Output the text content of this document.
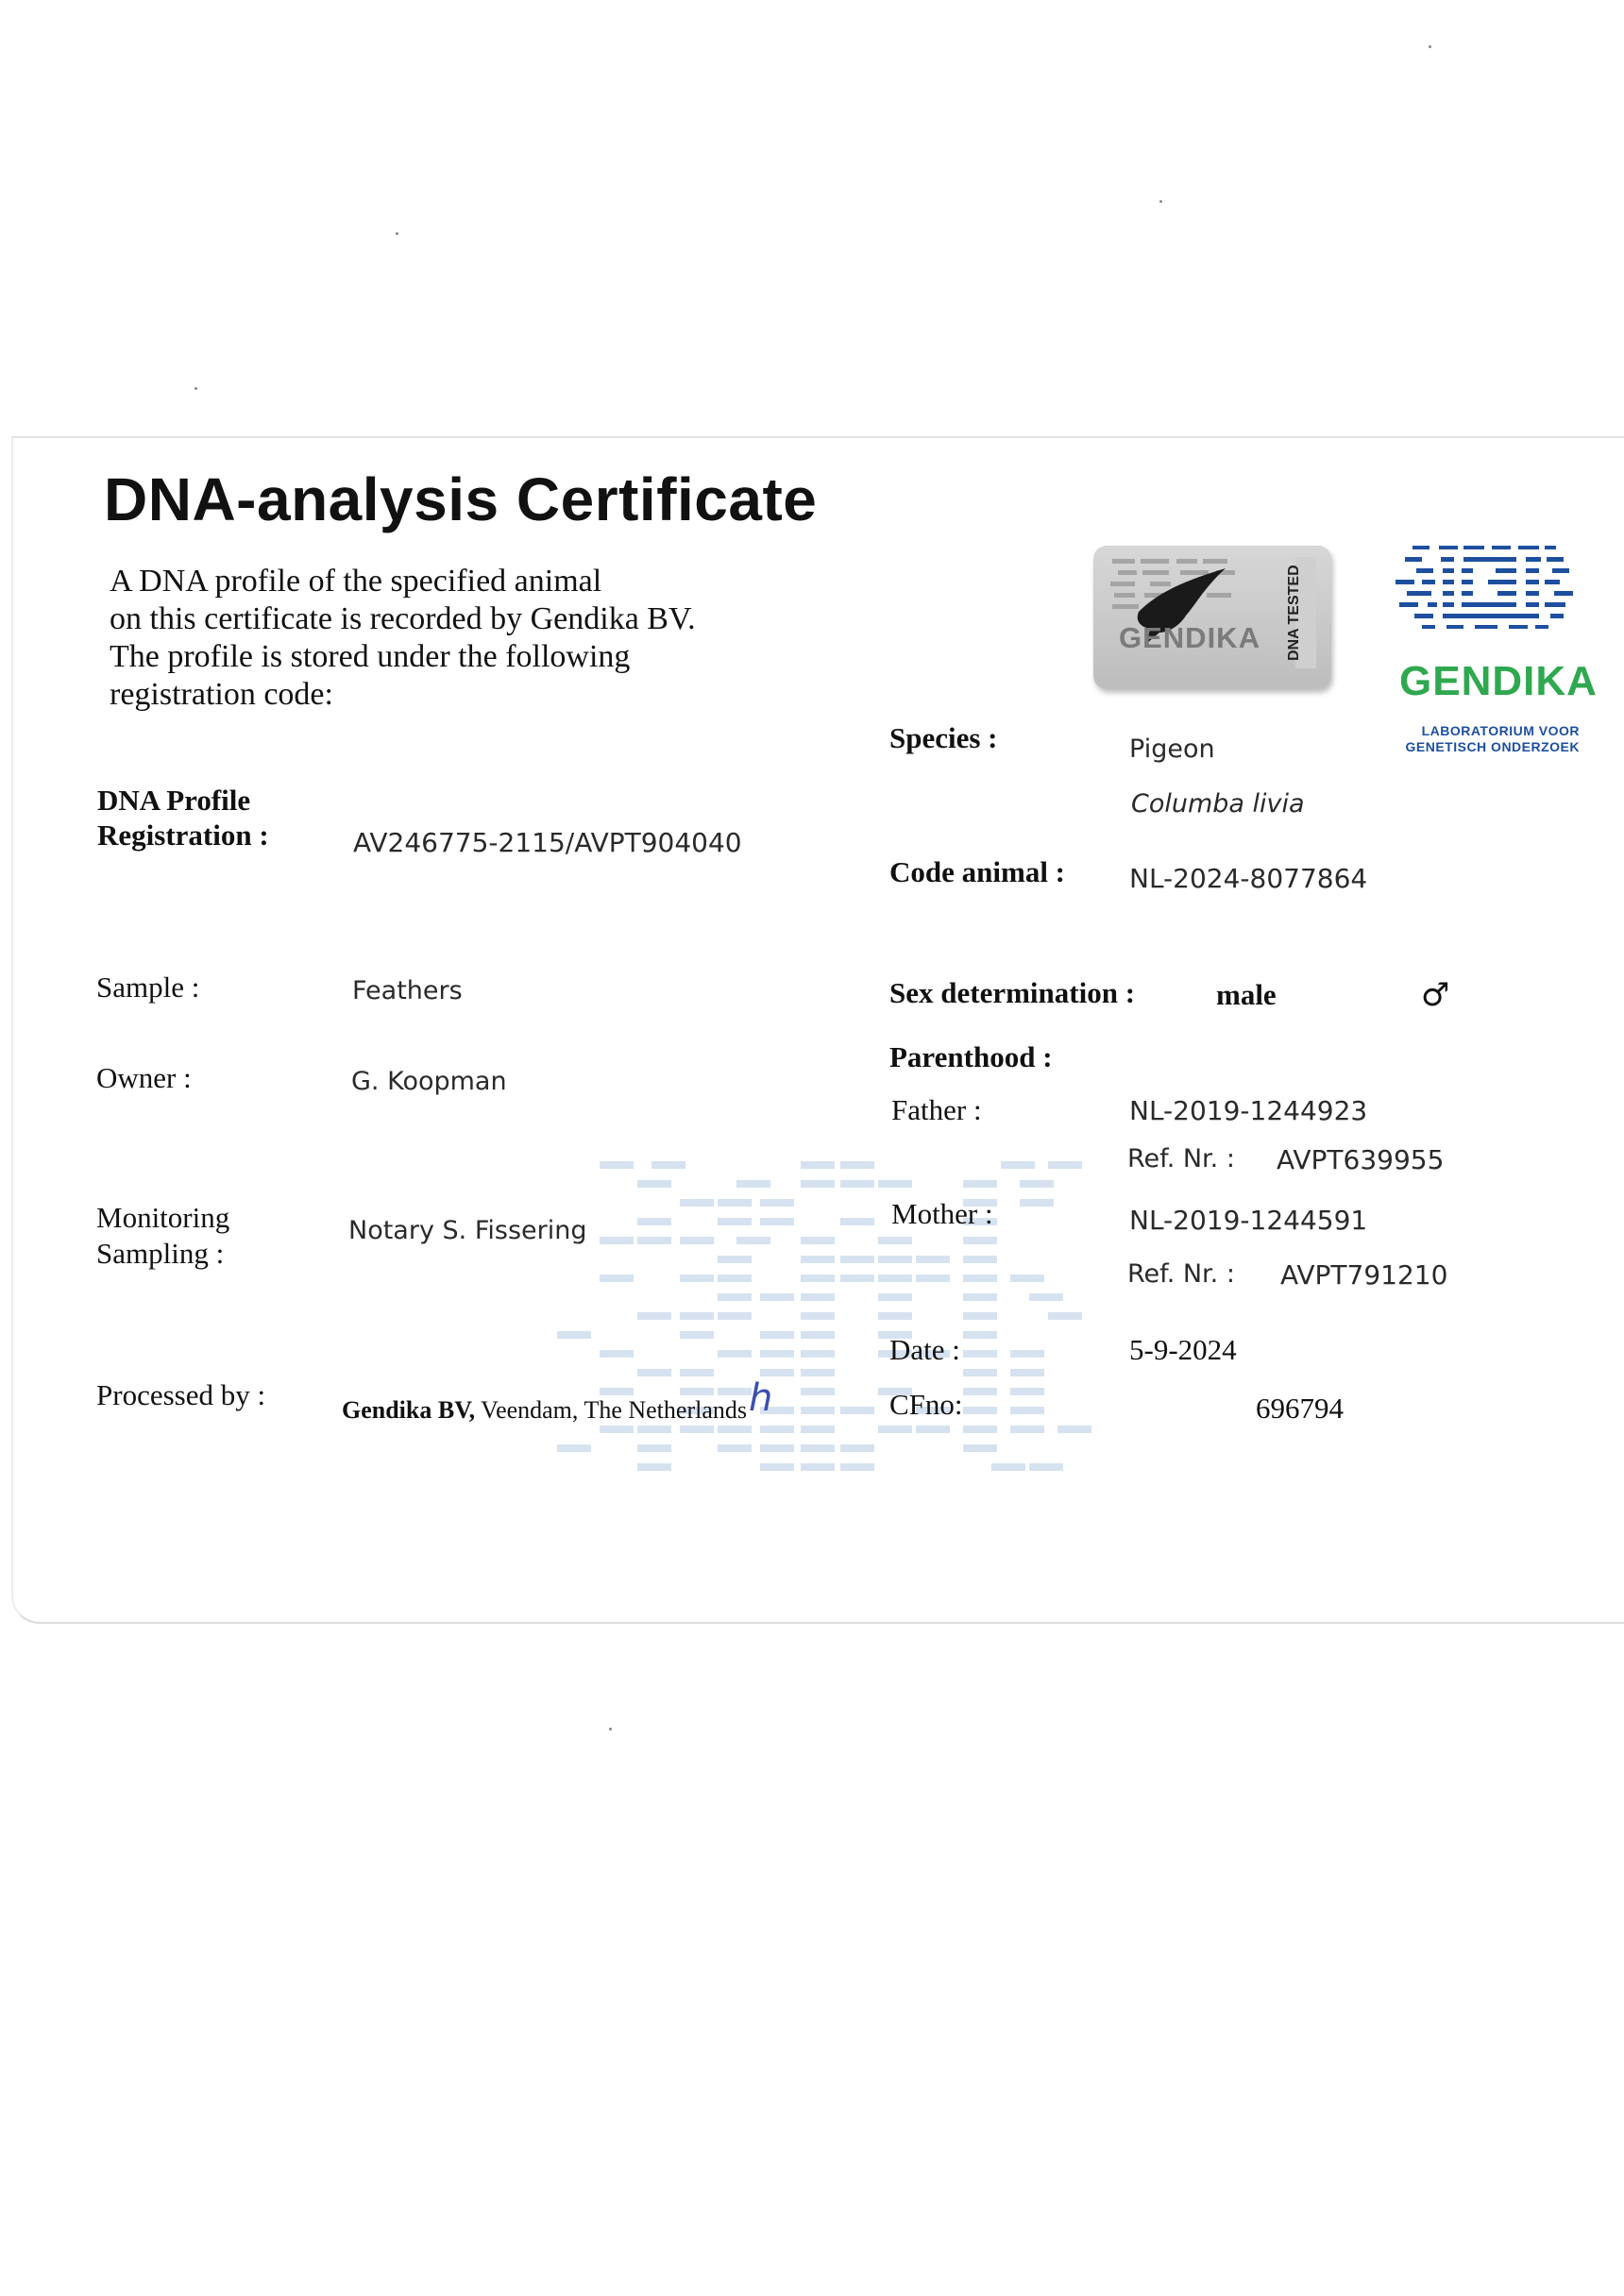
DNA-analysis Certificate
A DNA profile of the specified animal
on this certificate is recorded by Gendika BV.
The profile is stored under the following
registration code:
GENDIKA
GENDIKA
LABORATORIUM VOOR
GENETISCH ONDERZOEK
DNA Profile
Registration :	AV246775-2115/AVPT904040
Sample :	Feathers
Owner :	G. Koopman
Monitoring
Sampling :
Notary S. Fissering
Processed by :	Gendika BV, Veendam, The Netherlandsh
Species :	Pigeon
Columba livia
Code animal : NL-2024-8077864
Sex determination :	male	♂
Parenthood :
Father :	NL-2019-1244923
Ref. Nr. : AVPT639955
Mother :	NL-2019-1244591
Ref. Nr. : AVPT791210
Date :	5-9-2024
CFno:	696794
